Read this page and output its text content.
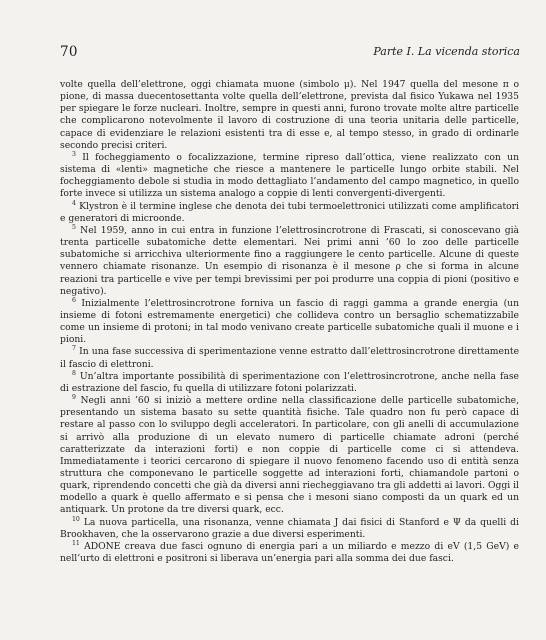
70	Parte I. La vicenda storica

volte quella dell’elettrone, oggi chiamata muone (simbolo μ). Nel 1947 quella del mesone π o pione, di massa duecentosettanta volte quella dell’elettrone, prevista dal fisico Yukawa nel 1935 per spiegare le forze nucleari. Inoltre, sempre in questi anni, furono trovate molte altre particelle che complicarono notevolmente il lavoro di costruzione di una teoria unitaria delle particelle, capace di evidenziare le relazioni esistenti tra di esse e, al tempo stesso, in grado di ordinarle secondo precisi criteri.

$^3$ Il focheggiamento o focalizzazione, termine ripreso dall’ottica, viene realizzato con un sistema di «lenti» magnetiche che riesce a mantenere le particelle lungo orbite stabili. Nel focheggiamento debole si studia in modo dettagliato l’andamento del campo magnetico, in quello forte invece si utilizza un sistema analogo a coppie di lenti convergenti-divergenti.

$^4$ Klystron è il termine inglese che denota dei tubi termoelettronici utilizzati come amplificatori e generatori di microonde.

$^5$ Nel 1959, anno in cui entra in funzione l’elettrosincrotrone di Frascati, si conoscevano già trenta particelle subatomiche dette elementari. Nei primi anni ’60 lo zoo delle particelle subatomiche si arricchiva ulteriormente fino a raggiungere le cento particelle. Alcune di queste vennero chiamate risonanze. Un esempio di risonanza è il mesone ρ che si forma in alcune reazioni tra particelle e vive per tempi brevissimi per poi produrre una coppia di pioni (positivo e negativo).

$^6$ Inizialmente l’elettrosincrotrone forniva un fascio di raggi gamma a grande energia (un insieme di fotoni estremamente energetici) che collideva contro un bersaglio schematizzabile come un insieme di protoni; in tal modo venivano create particelle subatomiche quali il muone e i pioni.

$^7$ In una fase successiva di sperimentazione venne estratto dall’elettrosincrotrone direttamente il fascio di elettroni.

$^8$ Un’altra importante possibilità di sperimentazione con l’elettrosincrotrone, anche nella fase di estrazione del fascio, fu quella di utilizzare fotoni polarizzati.

$^9$ Negli anni ’60 si iniziò a mettere ordine nella classificazione delle particelle subatomiche, presentando un sistema basato su sette quantità fisiche. Tale quadro non fu però capace di restare al passo con lo sviluppo degli acceleratori. In particolare, con gli anelli di accumulazione si arrivò alla produzione di un elevato numero di particelle chiamate adroni (perché caratterizzate da interazioni forti) e non coppie di particelle come ci si attendeva. Immediatamente i teorici cercarono di spiegare il nuovo fenomeno facendo uso di entità senza struttura che componevano le particelle soggette ad interazioni forti, chiamandole partoni o quark, riprendendo concetti che già da diversi anni riecheggiavano tra gli addetti ai lavori. Oggi il modello a quark è quello affermato e si pensa che i mesoni siano composti da un quark ed un antiquark. Un protone da tre diversi quark, ecc.

$^{10}$ La nuova particella, una risonanza, venne chiamata J dai fisici di Stanford e Ψ da quelli di Brookhaven, che la osservarono grazie a due diversi esperimenti.

$^{11}$ ADONE creava due fasci ognuno di energia pari a un miliardo e mezzo di eV (1,5 GeV) e nell’urto di elettroni e positroni si liberava un’energia pari alla somma dei due fasci.
